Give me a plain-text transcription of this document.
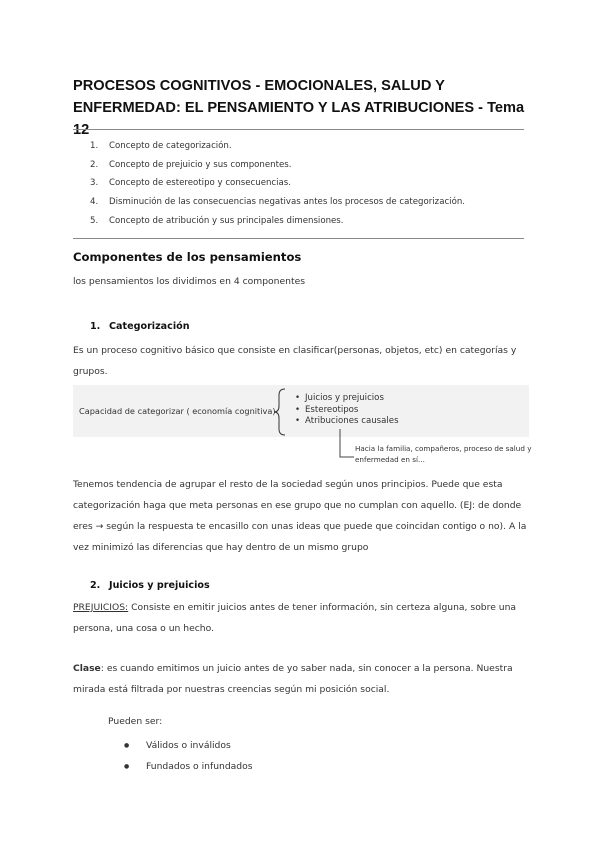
PROCESOS COGNITIVOS - EMOCIONALES, SALUD Y ENFERMEDAD: EL PENSAMIENTO Y LAS ATRIBUCIONES - Tema 12
1. Concepto de categorización.
2. Concepto de prejuicio y sus componentes.
3. Concepto de estereotipo y consecuencias.
4. Disminución de las consecuencias negativas antes los procesos de categorización.
5. Concepto de atribución y sus principales dimensiones.
Componentes de los pensamientos
los pensamientos los dividimos en 4 componentes
1. Categorización
Es un proceso cognitivo básico que consiste en clasificar(personas, objetos, etc) en categorías y grupos.
Capacidad de categorizar ( economía cognitiva)
• Juicios y prejuicios
• Estereotipos
• Atribuciones causales
Hacia la familia, compañeros, proceso de salud y enfermedad en sí...
Tenemos tendencia de agrupar el resto de la sociedad según unos principios. Puede que esta categorización haga que meta personas en ese grupo que no cumplan con aquello. (EJ: de donde eres → según la respuesta te encasillo con unas ideas que puede que coincidan contigo o no). A la vez minimizó las diferencias que hay dentro de un mismo grupo
2. Juicios y prejuicios
PREJUICIOS: Consiste en emitir juicios antes de tener información, sin certeza alguna, sobre una persona, una cosa o un hecho.
Clase: es cuando emitimos un juicio antes de yo saber nada, sin conocer a la persona. Nuestra mirada está filtrada por nuestras creencias según mi posición social.
Pueden ser:
● Válidos o inválidos
● Fundados o infundados
